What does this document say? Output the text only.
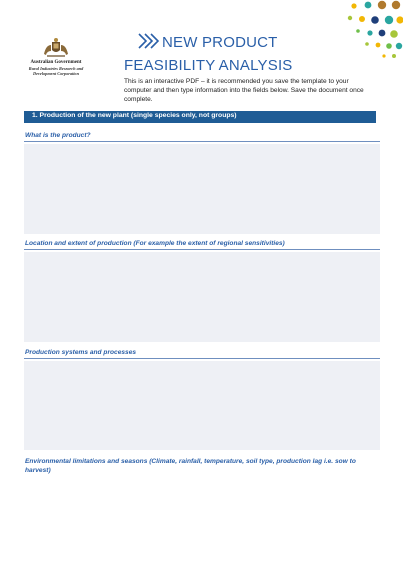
Australian Government
Rural Industries Research and
Development Corporation
NEW PRODUCT
FEASIBILITY ANALYSIS
This is an interactive PDF – it is recommended you save the template to your computer and then type information into the fields below. Save the document once complete.
1. Production of the new plant (single species only, not groups)
What is the product?
Location and extent of production (For example the extent of regional sensitivities)
Production systems and processes
Environmental limitations and seasons (Climate, rainfall, temperature, soil type, production lag i.e. sow to harvest)
